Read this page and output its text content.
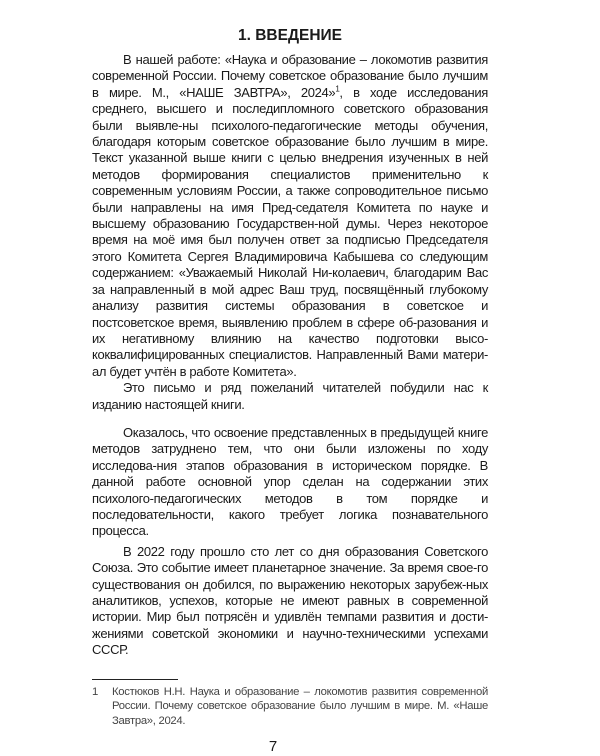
1. ВВЕДЕНИЕ

В нашей работе: «Наука и образование – локомотив развития современной России. Почему советское образование было лучшим в мире. М., «НАШЕ ЗАВТРА», 2024»$^1$, в ходе исследования среднего, высшего и последипломного советского образования были выявле-ны психолого-педагогические методы обучения, благодаря которым советское образование было лучшим в мире. Текст указанной выше книги с целью внедрения изученных в ней методов формирования специалистов применительно к современным условиям России, а также сопроводительное письмо были направлены на имя Пред-седателя Комитета по науке и высшему образованию Государствен-ной думы. Через некоторое время на моё имя был получен ответ за подписью Председателя этого Комитета Сергея Владимировича Кабышева со следующим содержанием: «Уважаемый Николай Ни-колаевич, благодарим Вас за направленный в мой адрес Ваш труд, посвящённый глубокому анализу развития системы образования в советское и постсоветское время, выявлению проблем в сфере об-разования и их негативному влиянию на качество подготовки высо-коквалифицированных специалистов. Направленный Вами матери-ал будет учтён в работе Комитета».

Это письмо и ряд пожеланий читателей побудили нас к изданию настоящей книги.

Оказалось, что освоение представленных в предыдущей книге методов затруднено тем, что они были изложены по ходу исследова-ния этапов образования в историческом порядке. В данной работе основной упор сделан на содержании этих психолого-педагогических методов в том порядке и последовательности, какого требует логика познавательного процесса.

В 2022 году прошло сто лет со дня образования Советского Союза. Это событие имеет планетарное значение. За время свое-го существования он добился, по выражению некоторых зарубеж-ных аналитиков, успехов, которые не имеют равных в современной истории. Мир был потрясён и удивлён темпами развития и дости-жениями советской экономики и научно-техническими успехами СССР.

1	Костюков Н.Н. Наука и образование – локомотив развития современной России. Почему советское образование было лучшим в мире. М. «Наше Завтра», 2024.
7
